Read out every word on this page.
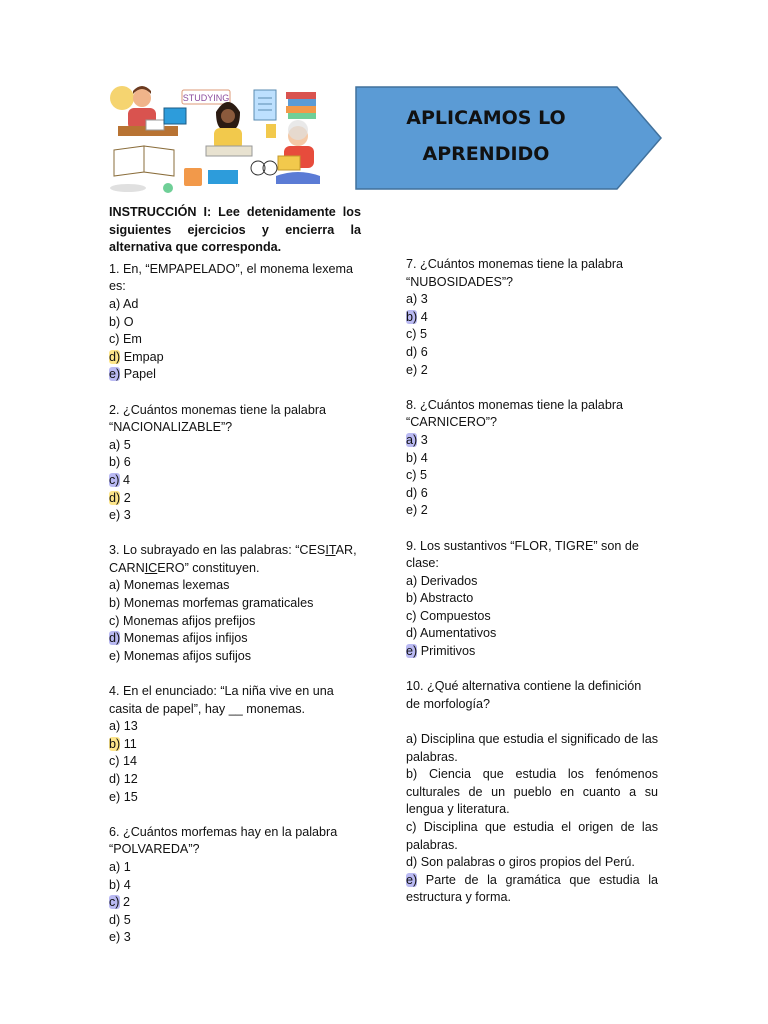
STUDYING
APLICAMOS LO
APRENDIDO
INSTRUCCIÓN I: Lee detenidamente los siguientes ejercicios y encierra la alternativa que corresponda.
1. En, “EMPAPELADO”, el monema lexema
es:
a) Ad
b) O
c) Em
d) Empap
e) Papel
2. ¿Cuántos monemas tiene la palabra
“NACIONALIZABLE”?
a) 5
b) 6
c) 4
d) 2
e) 3
3. Lo subrayado en las palabras: “CESITAR,
CARNICERO” constituyen.
a) Monemas lexemas
b) Monemas morfemas gramaticales
c) Monemas afijos prefijos
d) Monemas afijos infijos
e) Monemas afijos sufijos
4. En el enunciado: “La niña vive en una
casita de papel”, hay __ monemas.
a) 13
b) 11
c) 14
d) 12
e) 15
6. ¿Cuántos morfemas hay en la palabra
“POLVAREDA”?
a) 1
b) 4
c) 2
d) 5
e) 3
7. ¿Cuántos monemas tiene la palabra
“NUBOSIDADES”?
a) 3
b) 4
c) 5
d) 6
e) 2
8. ¿Cuántos monemas tiene la palabra
“CARNICERO”?
a) 3
b) 4
c) 5
d) 6
e) 2
9. Los sustantivos “FLOR, TIGRE” son de
clase:
a) Derivados
b) Abstracto
c) Compuestos
d) Aumentativos
e) Primitivos
10. ¿Qué alternativa contiene la definición
de morfología?
a) Disciplina que estudia el significado de las palabras.
b) Ciencia que estudia los fenómenos culturales de un pueblo en cuanto a su lengua y literatura.
c) Disciplina que estudia el origen de las palabras.
d) Son palabras o giros propios del Perú.
e) Parte de la gramática que estudia la estructura y forma.
